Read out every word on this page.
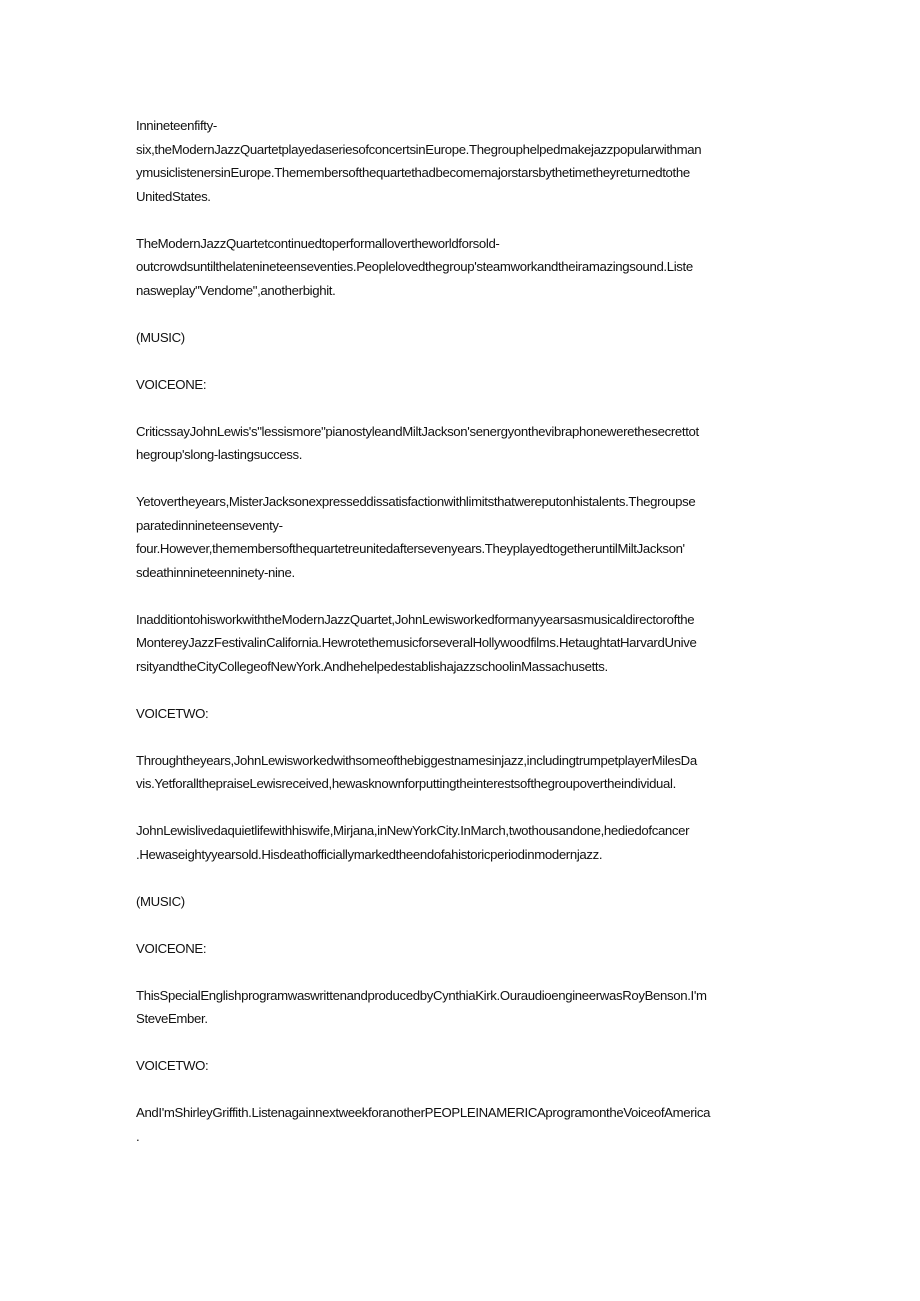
Innineteenfifty-
six,theModernJazzQuartetplayedaseriesofconcertsinEurope.Thegrouphelpedmakejazzpopularwithman
ymusiclistenersinEurope.Themembersofthequartethadbecomemajorstarsbythetimetheyreturnedtothe
UnitedStates.

TheModernJazzQuartetcontinuedtoperformallovertheworldforsold-
outcrowdsuntilthelatenineteenseventies.Peoplelovedthegroup'steamworkandtheiramazingsound.Liste
nasweplay"Vendome",anotherbighit.

(MUSIC)

VOICEONE:

CriticssayJohnLewis's"lessismore"pianostyleandMiltJackson'senergyonthevibraphonewerethesecrettot
hegroup'slong-lastingsuccess.

Yetovertheyears,MisterJacksonexpresseddissatisfactionwithlimitsthatwereputonhistalents.Thegroupse
paratedinnineteenseventy-
four.However,themembersofthequartetreunitedaftersevenyears.TheyplayedtogetheruntilMiltJackson'
sdeathinnineteenninety-nine.

InadditiontohisworkwiththeModernJazzQuartet,JohnLewisworkedformanyyearsasmusicaldirectorofthe
MontereyJazzFestivalinCalifornia.HewrotethemusicforseveralHollywoodfilms.HetaughtatHarvardUnive
rsityandtheCityCollegeofNewYork.AndhehelpedestablishajazzschoolinMassachusetts.

VOICETWO:

Throughtheyears,JohnLewisworkedwithsomeofthebiggestnamesinjazz,includingtrumpetplayerMilesDa
vis.YetforallthepraiseLewisreceived,hewasknownforputtingtheinterestsofthegroupovertheindividual.

JohnLewislivedaquietlifewithhiswife,Mirjana,inNewYorkCity.InMarch,twothousandone,hediedofcancer
.Hewaseightyyearsold.Hisdeathofficiallymarkedtheendofahistoricperiodinmodernjazz.

(MUSIC)

VOICEONE:

ThisSpecialEnglishprogramwaswrittenandproducedbyCynthiaKirk.OuraudioengineerwasRoyBenson.I'm
SteveEmber.

VOICETWO:

AndI'mShirleyGriffith.ListenagainnextweekforanotherPEOPLEINAMERICAprogramontheVoiceofAmerica
.
